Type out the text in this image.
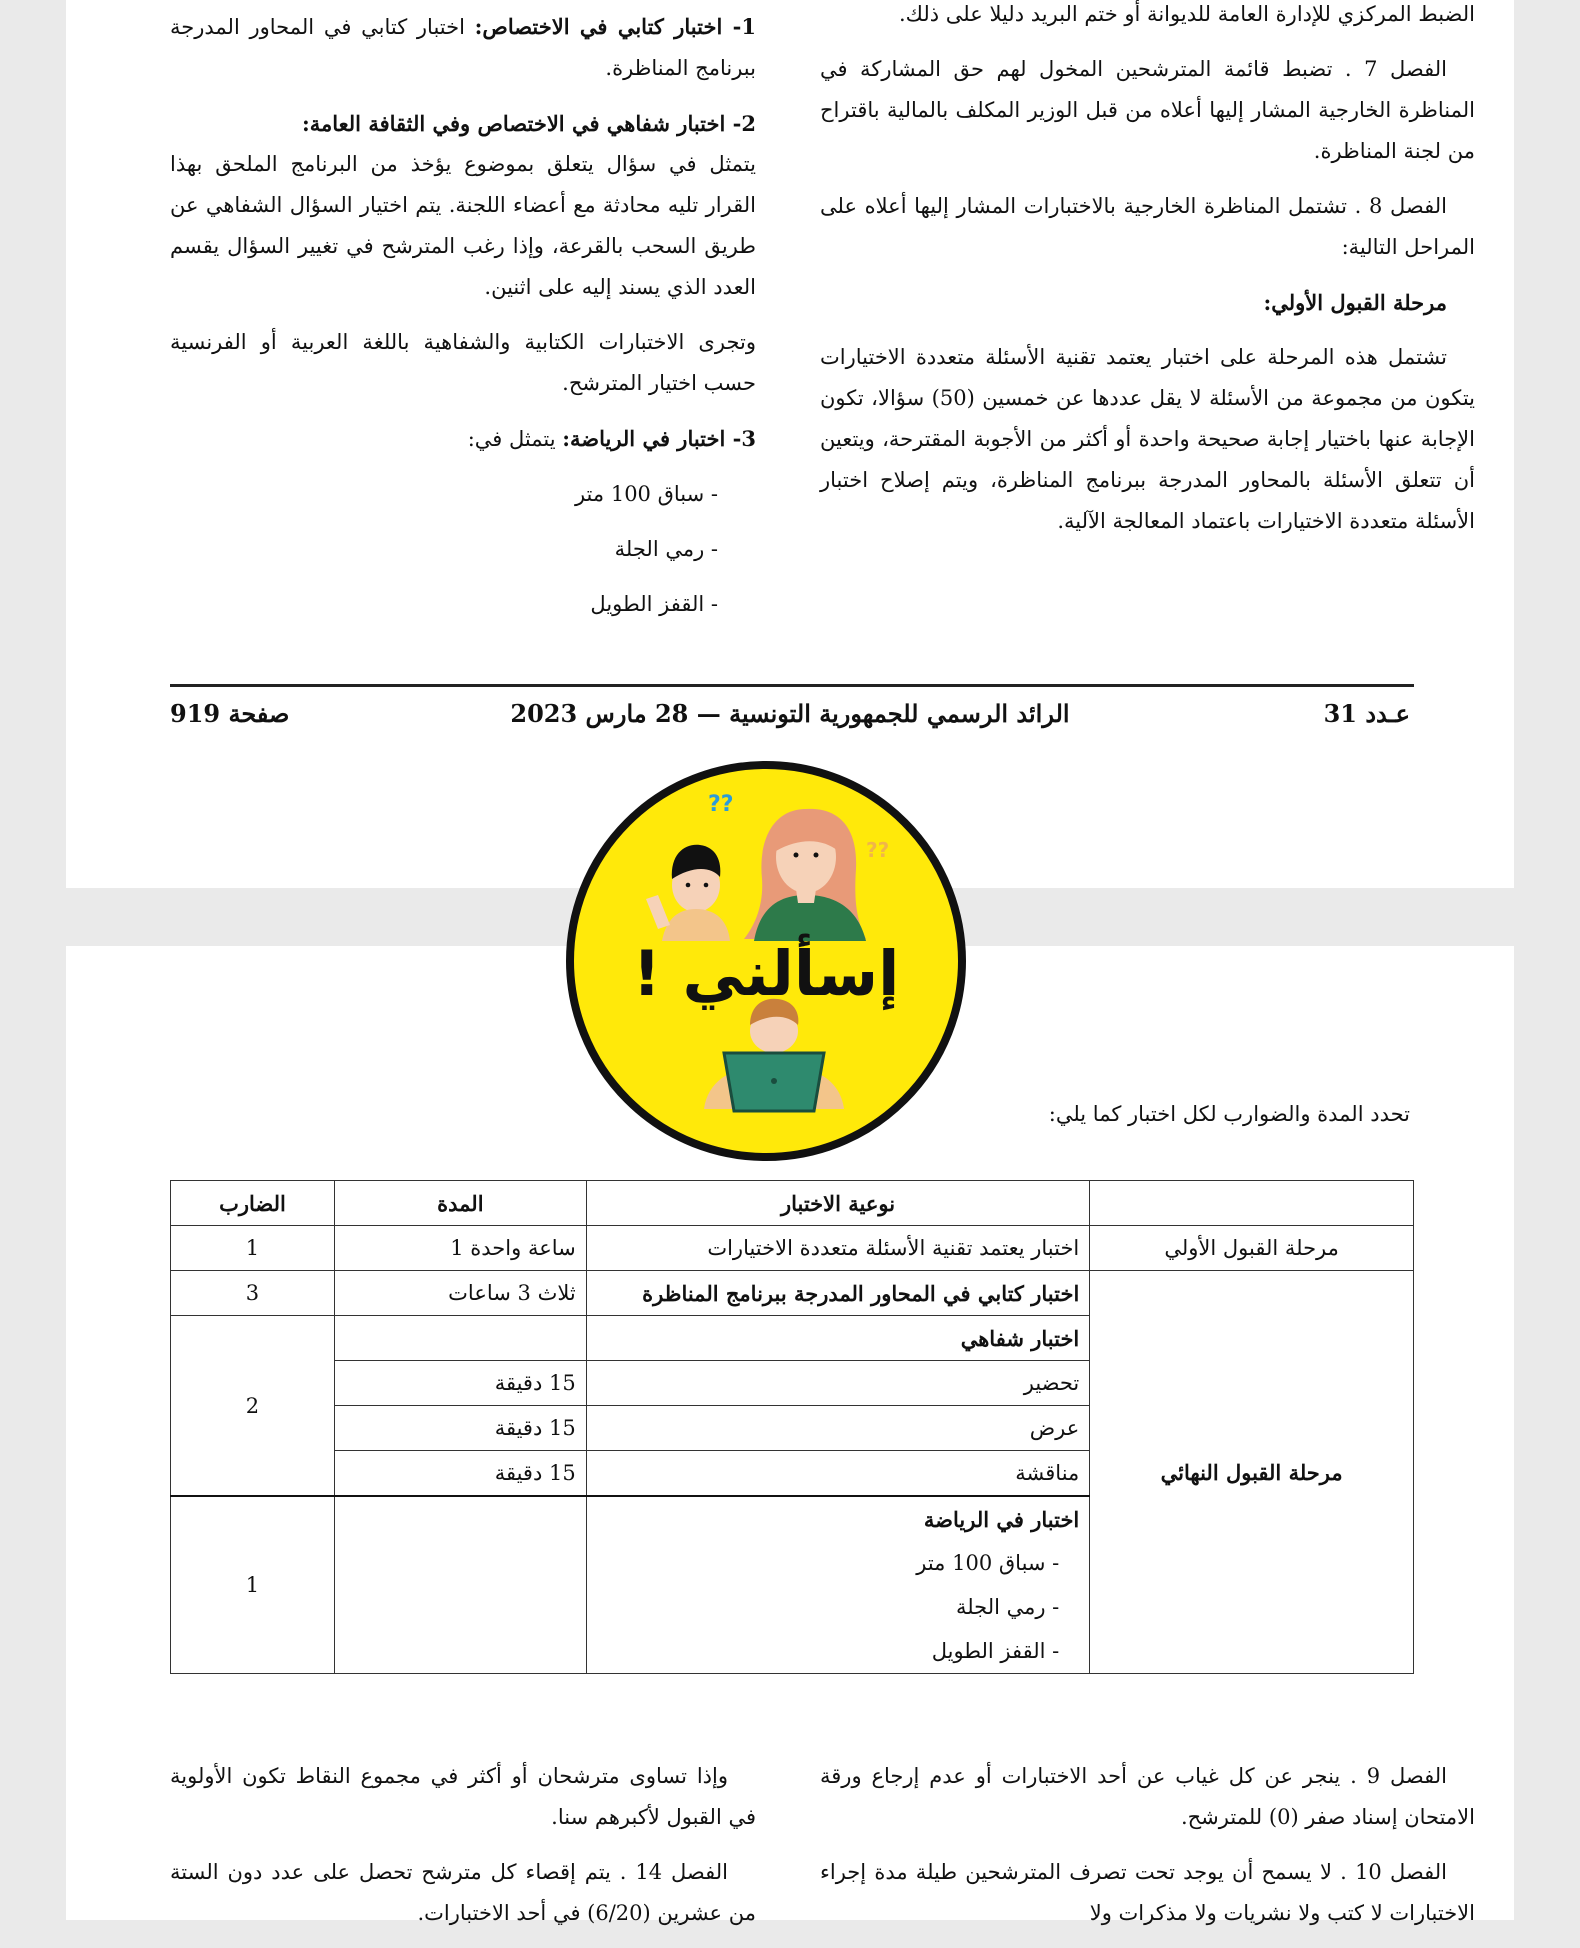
الضبط المركزي للإدارة العامة للديوانة أو ختم البريد دليلا على ذلك.

الفصل 7 . تضبط قائمة المترشحين المخول لهم حق المشاركة في المناظرة الخارجية المشار إليها أعلاه من قبل الوزير المكلف بالمالية باقتراح من لجنة المناظرة.

الفصل 8 . تشتمل المناظرة الخارجية بالاختبارات المشار إليها أعلاه على المراحل التالية:

مرحلة القبول الأولي:

تشتمل هذه المرحلة على اختبار يعتمد تقنية الأسئلة متعددة الاختيارات يتكون من مجموعة من الأسئلة لا يقل عددها عن خمسين (50) سؤالا، تكون الإجابة عنها باختيار إجابة صحيحة واحدة أو أكثر من الأجوبة المقترحة، ويتعين أن تتعلق الأسئلة بالمحاور المدرجة ببرنامج المناظرة، ويتم إصلاح اختبار الأسئلة متعددة الاختيارات باعتماد المعالجة الآلية.

1- اختبار كتابي في الاختصاص: اختبار كتابي في المحاور المدرجة ببرنامج المناظرة.

2- اختبار شفاهي في الاختصاص وفي الثقافة العامة:

يتمثل في سؤال يتعلق بموضوع يؤخذ من البرنامج الملحق بهذا القرار تليه محادثة مع أعضاء اللجنة. يتم اختيار السؤال الشفاهي عن طريق السحب بالقرعة، وإذا رغب المترشح في تغيير السؤال يقسم العدد الذي يسند إليه على اثنين.

وتجرى الاختبارات الكتابية والشفاهية باللغة العربية أو الفرنسية حسب اختيار المترشح.

3- اختبار في الرياضة: يتمثل في:

- سباق 100 متر
- رمي الجلة
- القفز الطويل
عـدد 31
الرائد الرسمي للجمهورية التونسية — 28 مارس 2023
صفحة 919
??
??
إسألني !
تحدد المدة والضوارب لكل اختبار كما يلي:
	نوعية الاختبار	المدة	الضارب
مرحلة القبول الأولي	اختبار يعتمد تقنية الأسئلة متعددة الاختيارات	ساعة واحدة 1	1
مرحلة القبول النهائي	اختبار كتابي في المحاور المدرجة ببرنامج المناظرة	ثلاث 3 ساعات	3
	اختبار شفاهي		2
	تحضير	15 دقيقة	
	عرض	15 دقيقة	
	مناقشة	15 دقيقة	
	اختبار في الرياضة		1
	- سباق 100 متر		
	- رمي الجلة		
	- القفز الطويل		

الفصل 9 . ينجر عن كل غياب عن أحد الاختبارات أو عدم إرجاع ورقة الامتحان إسناد صفر (0) للمترشح.

الفصل 10 . لا يسمح أن يوجد تحت تصرف المترشحين طيلة مدة إجراء الاختبارات لا كتب ولا نشريات ولا مذكرات ولا

وإذا تساوى مترشحان أو أكثر في مجموع النقاط تكون الأولوية في القبول لأكبرهم سنا.

الفصل 14 . يتم إقصاء كل مترشح تحصل على عدد دون الستة من عشرين (6/20) في أحد الاختبارات.
